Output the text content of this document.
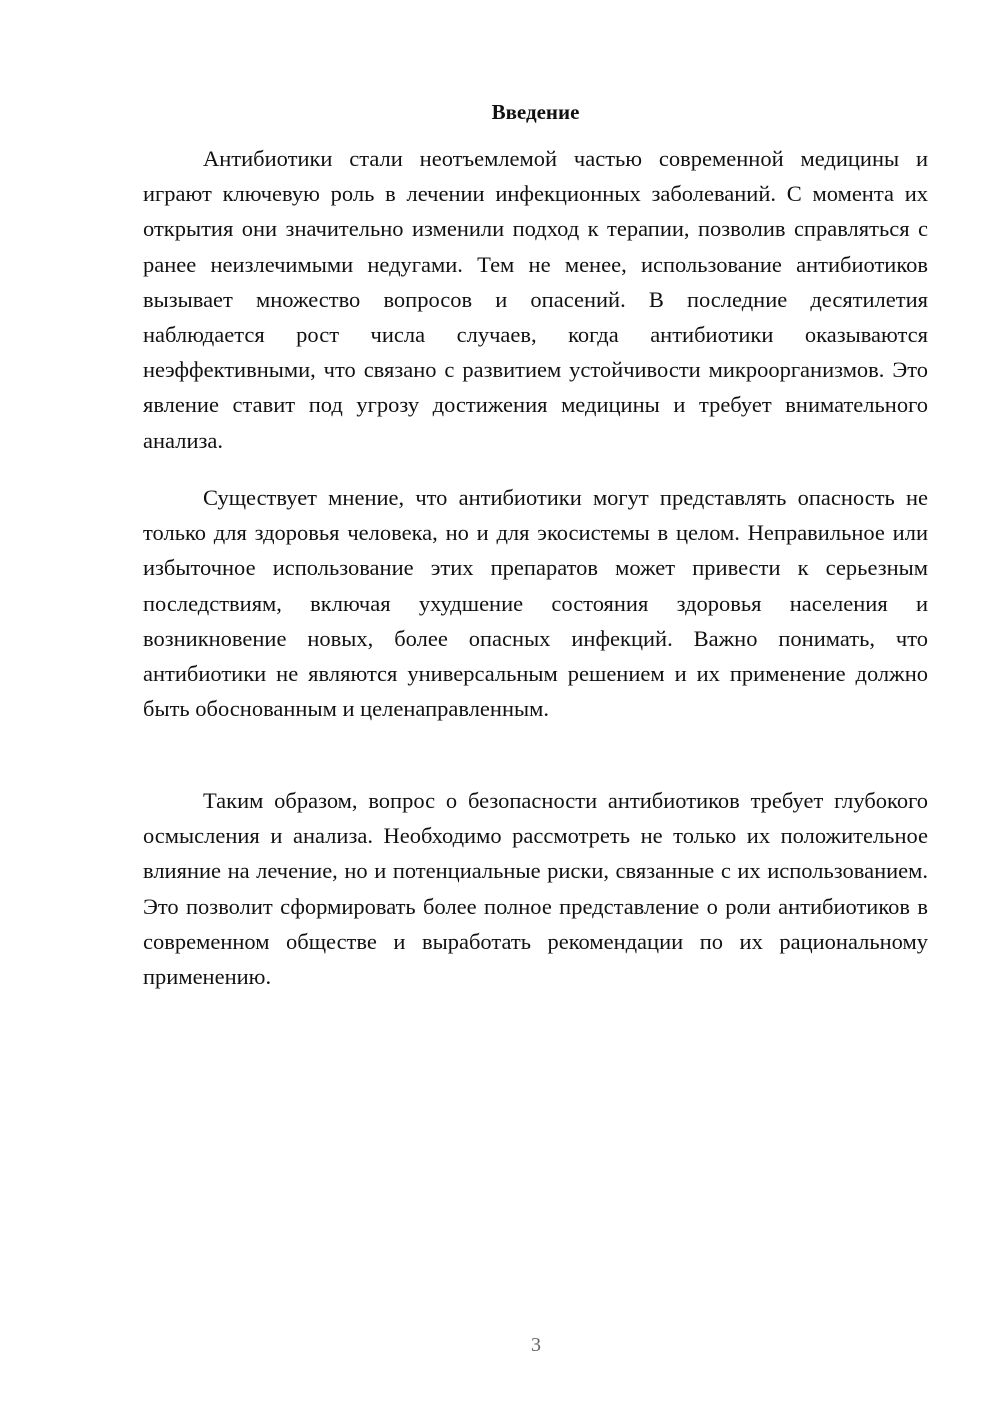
Введение

Антибиотики стали неотъемлемой частью современной медицины и играют ключевую роль в лечении инфекционных заболеваний. С момента их открытия они значительно изменили подход к терапии, позволив справляться с ранее неизлечимыми недугами. Тем не менее, использование антибиотиков вызывает множество вопросов и опасений. В последние десятилетия наблюдается рост числа случаев, когда антибиотики оказываются неэффективными, что связано с развитием устойчивости микроорганизмов. Это явление ставит под угрозу достижения медицины и требует внимательного анализа.

Существует мнение, что антибиотики могут представлять опасность не только для здоровья человека, но и для экосистемы в целом. Неправильное или избыточное использование этих препаратов может привести к серьезным последствиям, включая ухудшение состояния здоровья населения и возникновение новых, более опасных инфекций. Важно понимать, что антибиотики не являются универсальным решением и их применение должно быть обоснованным и целенаправленным.

Таким образом, вопрос о безопасности антибиотиков требует глубокого осмысления и анализа. Необходимо рассмотреть не только их положительное влияние на лечение, но и потенциальные риски, связанные с их использованием. Это позволит сформировать более полное представление о роли антибиотиков в современном обществе и выработать рекомендации по их рациональному применению.

3
